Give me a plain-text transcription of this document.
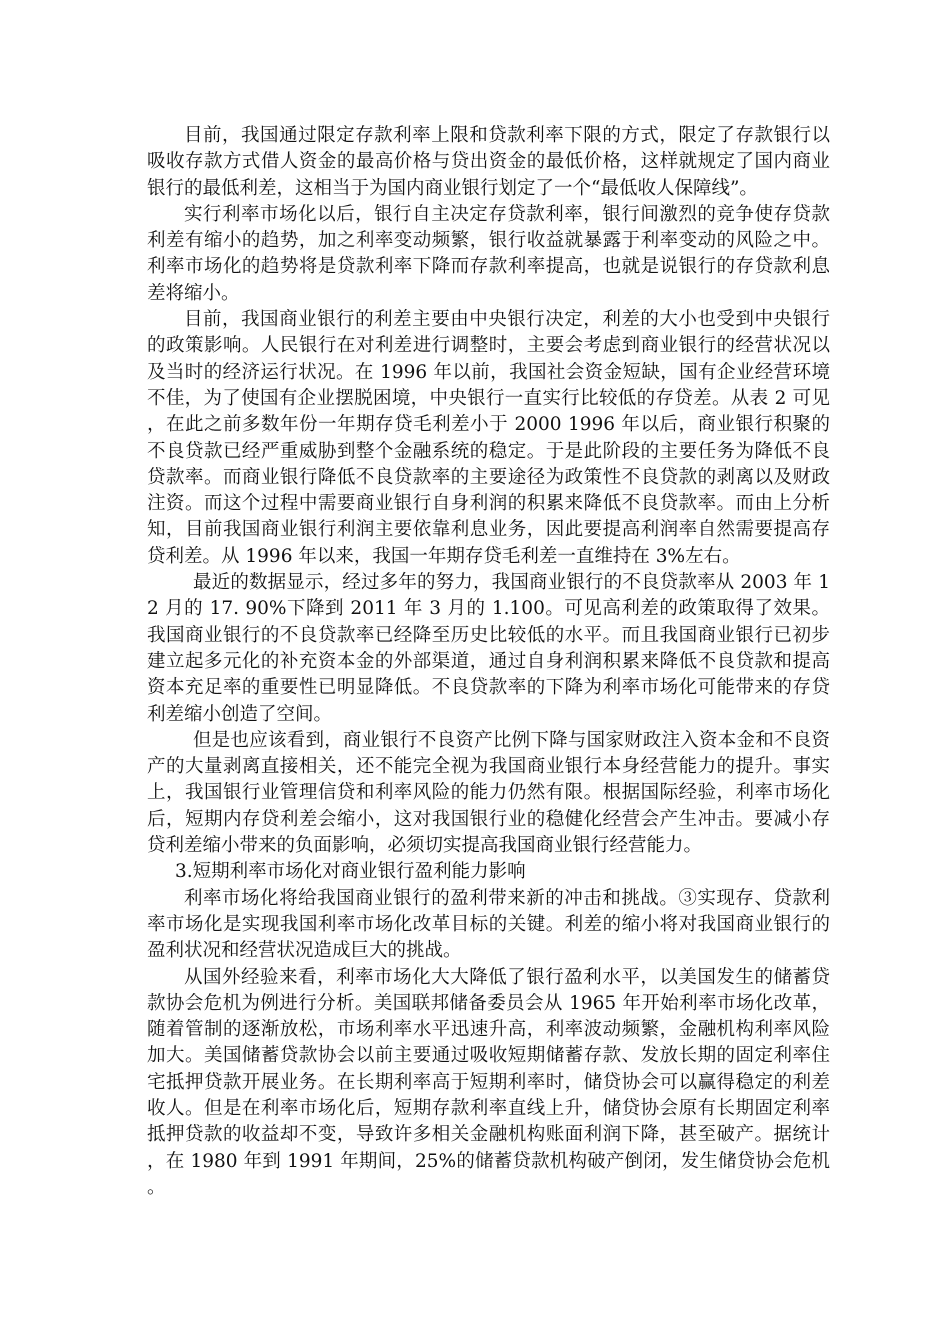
目前，我国通过限定存款利率上限和贷款利率下限的方式，限定了存款银行以吸收存款方式借人资金的最高价格与贷出资金的最低价格，这样就规定了国内商业银行的最低利差，这相当于为国内商业银行划定了一个“最低收人保障线”。

实行利率市场化以后，银行自主决定存贷款利率，银行间激烈的竞争使存贷款利差有缩小的趋势，加之利率变动频繁，银行收益就暴露于利率变动的风险之中。利率市场化的趋势将是贷款利率下降而存款利率提高，也就是说银行的存贷款利息差将缩小。

目前，我国商业银行的利差主要由中央银行决定，利差的大小也受到中央银行的政策影响。人民银行在对利差进行调整时，主要会考虑到商业银行的经营状况以及当时的经济运行状况。在 1996 年以前，我国社会资金短缺，国有企业经营环境不佳，为了使国有企业摆脱困境，中央银行一直实行比较低的存贷差。从表 2 可见，在此之前多数年份一年期存贷毛利差小于 2000 1996 年以后，商业银行积聚的不良贷款已经严重威胁到整个金融系统的稳定。于是此阶段的主要任务为降低不良贷款率。而商业银行降低不良贷款率的主要途径为政策性不良贷款的剥离以及财政注资。而这个过程中需要商业银行自身利润的积累来降低不良贷款率。而由上分析知，目前我国商业银行利润主要依靠利息业务，因此要提高利润率自然需要提高存贷利差。从 1996 年以来，我国一年期存贷毛利差一直维持在 3%左右。

最近的数据显示，经过多年的努力，我国商业银行的不良贷款率从 2003 年 12 月的 17. 90%下降到 2011 年 3 月的 1.100。可见高利差的政策取得了效果。我国商业银行的不良贷款率已经降至历史比较低的水平。而且我国商业银行已初步建立起多元化的补充资本金的外部渠道，通过自身利润积累来降低不良贷款和提高资本充足率的重要性已明显降低。不良贷款率的下降为利率市场化可能带来的存贷利差缩小创造了空间。

但是也应该看到，商业银行不良资产比例下降与国家财政注入资本金和不良资产的大量剥离直接相关，还不能完全视为我国商业银行本身经营能力的提升。事实上，我国银行业管理信贷和利率风险的能力仍然有限。根据国际经验，利率市场化后，短期内存贷利差会缩小，这对我国银行业的稳健化经营会产生冲击。要减小存贷利差缩小带来的负面影响，必须切实提高我国商业银行经营能力。

3.短期利率市场化对商业银行盈利能力影响

利率市场化将给我国商业银行的盈利带来新的冲击和挑战。③实现存、贷款利率市场化是实现我国利率市场化改革目标的关键。利差的缩小将对我国商业银行的盈利状况和经营状况造成巨大的挑战。

从国外经验来看，利率市场化大大降低了银行盈利水平，以美国发生的储蓄贷款协会危机为例进行分析。美国联邦储备委员会从 1965 年开始利率市场化改革，随着管制的逐渐放松，市场利率水平迅速升高，利率波动频繁，金融机构利率风险加大。美国储蓄贷款协会以前主要通过吸收短期储蓄存款、发放长期的固定利率住宅抵押贷款开展业务。在长期利率高于短期利率时，储贷协会可以赢得稳定的利差收人。但是在利率市场化后，短期存款利率直线上升，储贷协会原有长期固定利率抵押贷款的收益却不变，导致许多相关金融机构账面利润下降，甚至破产。据统计，在 1980 年到 1991 年期间，25%的储蓄贷款机构破产倒闭，发生储贷协会危机。
